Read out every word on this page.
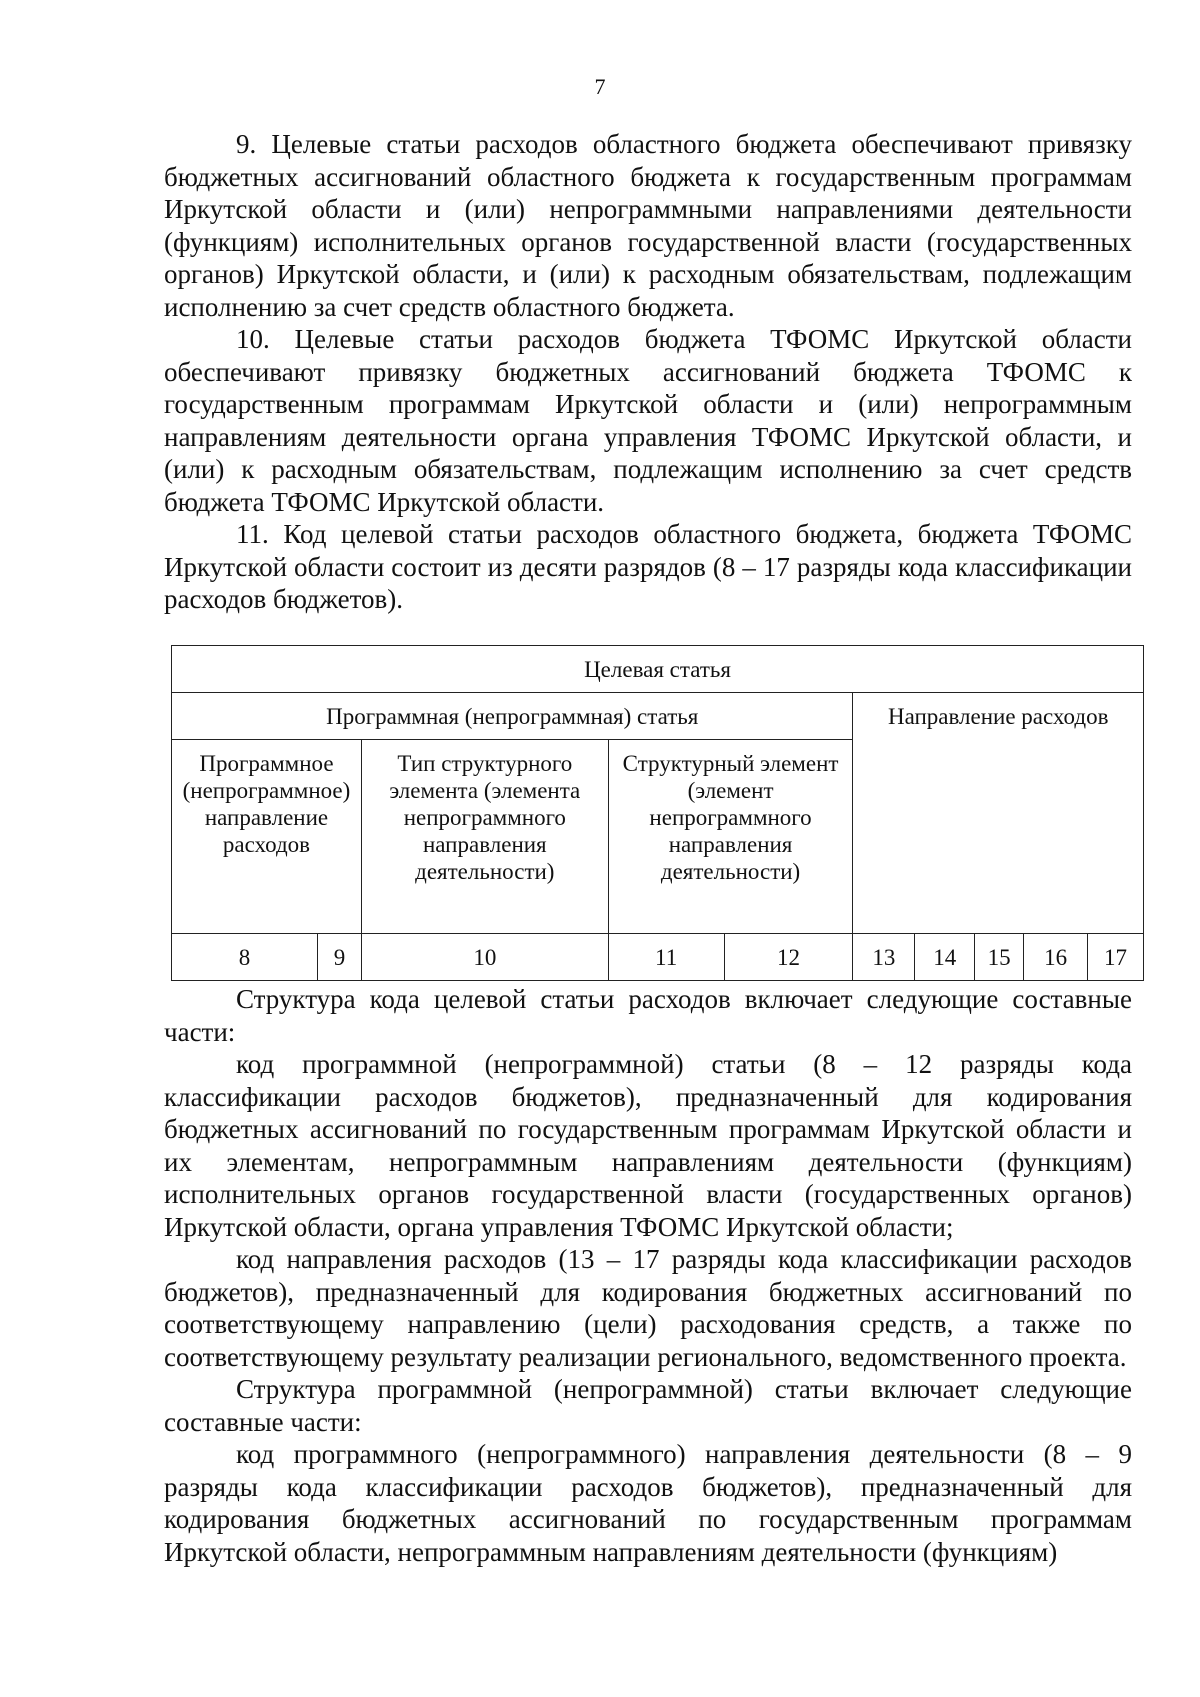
7

9. Целевые статьи расходов областного бюджета обеспечивают привязку бюджетных ассигнований областного бюджета к государственным программам Иркутской области и (или) непрограммными направлениями деятельности (функциям) исполнительных органов государственной власти (государственных органов) Иркутской области, и (или) к расходным обязательствам, подлежащим исполнению за счет средств областного бюджета.

10. Целевые статьи расходов бюджета ТФОМС Иркутской области обеспечивают привязку бюджетных ассигнований бюджета ТФОМС к государственным программам Иркутской области и (или) непрограммным направлениям деятельности органа управления ТФОМС Иркутской области, и (или) к расходным обязательствам, подлежащим исполнению за счет средств бюджета ТФОМС Иркутской области.

11. Код целевой статьи расходов областного бюджета, бюджета ТФОМС Иркутской области состоит из десяти разрядов (8 – 17 разряды кода классификации расходов бюджетов).

Целевая статья									
Программная (непрограммная) статья					Направление расходов				
Программное (непрограммное) направление расходов		Тип структурного элемента (элемента непрограммного направления деятельности)	Структурный элемент (элемент непрограммного направления деятельности)						
8	9	10	11	12	13	14	15	16	17

Структура кода целевой статьи расходов включает следующие составные части:

код программной (непрограммной) статьи (8 – 12 разряды кода классификации расходов бюджетов), предназначенный для кодирования бюджетных ассигнований по государственным программам Иркутской области и их элементам, непрограммным направлениям деятельности (функциям) исполнительных органов государственной власти (государственных органов) Иркутской области, органа управления ТФОМС Иркутской области;

код направления расходов (13 – 17 разряды кода классификации расходов бюджетов), предназначенный для кодирования бюджетных ассигнований по соответствующему направлению (цели) расходования средств, а также по соответствующему результату реализации регионального, ведомственного проекта.

Структура программной (непрограммной) статьи включает следующие составные части:

код программного (непрограммного) направления деятельности (8 – 9 разряды кода классификации расходов бюджетов), предназначенный для кодирования бюджетных ассигнований по государственным программам Иркутской области, непрограммным направлениям деятельности (функциям)
